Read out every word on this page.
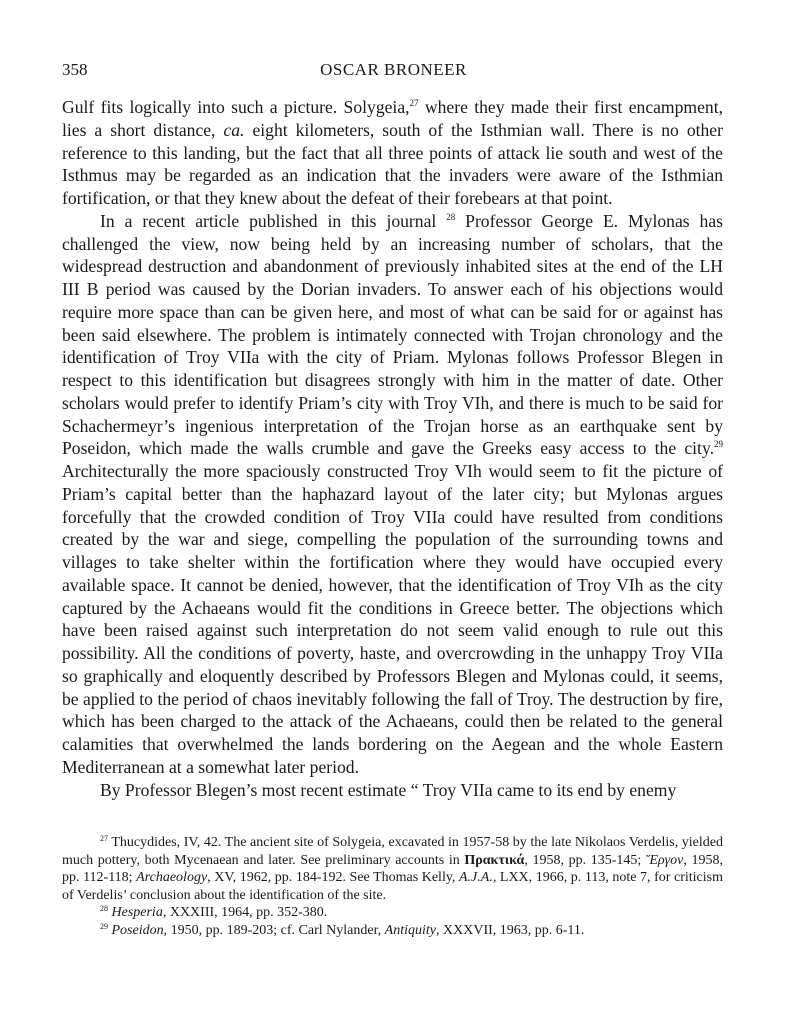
358	OSCAR BRONEER

Gulf fits logically into such a picture. Solygeia,$^{27}$ where they made their first encampment, lies a short distance, ca. eight kilometers, south of the Isthmian wall. There is no other reference to this landing, but the fact that all three points of attack lie south and west of the Isthmus may be regarded as an indication that the invaders were aware of the Isthmian fortification, or that they knew about the defeat of their forebears at that point.

In a recent article published in this journal $^{28}$ Professor George E. Mylonas has challenged the view, now being held by an increasing number of scholars, that the widespread destruction and abandonment of previously inhabited sites at the end of the LH III B period was caused by the Dorian invaders. To answer each of his objections would require more space than can be given here, and most of what can be said for or against has been said elsewhere. The problem is intimately connected with Trojan chronology and the identification of Troy VIIa with the city of Priam. Mylonas follows Professor Blegen in respect to this identification but disagrees strongly with him in the matter of date. Other scholars would prefer to identify Priam’s city with Troy VIh, and there is much to be said for Schachermeyr’s ingenious interpretation of the Trojan horse as an earthquake sent by Poseidon, which made the walls crumble and gave the Greeks easy access to the city.$^{29}$ Architecturally the more spaciously constructed Troy VIh would seem to fit the picture of Priam’s capital better than the haphazard layout of the later city; but Mylonas argues forcefully that the crowded condition of Troy VIIa could have resulted from conditions created by the war and siege, compelling the population of the surrounding towns and villages to take shelter within the fortification where they would have occupied every available space. It cannot be denied, however, that the identification of Troy VIh as the city captured by the Achaeans would fit the conditions in Greece better. The objections which have been raised against such interpretation do not seem valid enough to rule out this possibility. All the conditions of poverty, haste, and overcrowding in the unhappy Troy VIIa so graphically and eloquently described by Professors Blegen and Mylonas could, it seems, be applied to the period of chaos inevitably following the fall of Troy. The destruction by fire, which has been charged to the attack of the Achaeans, could then be related to the general calamities that overwhelmed the lands bordering on the Aegean and the whole Eastern Mediterranean at a somewhat later period.

By Professor Blegen’s most recent estimate “ Troy VIIa came to its end by enemy

$^{27}$ Thucydides, IV, 42. The ancient site of Solygeia, excavated in 1957-58 by the late Nikolaos Verdelis, yielded much pottery, both Mycenaean and later. See preliminary accounts in Πρακτικά, 1958, pp. 135-145; Ἔργον, 1958, pp. 112-118; Archaeology, XV, 1962, pp. 184-192. See Thomas Kelly, A.J.A., LXX, 1966, p. 113, note 7, for criticism of Verdelis’ conclusion about the identification of the site.

$^{28}$ Hesperia, XXXIII, 1964, pp. 352-380.

$^{29}$ Poseidon, 1950, pp. 189-203; cf. Carl Nylander, Antiquity, XXXVII, 1963, pp. 6-11.
